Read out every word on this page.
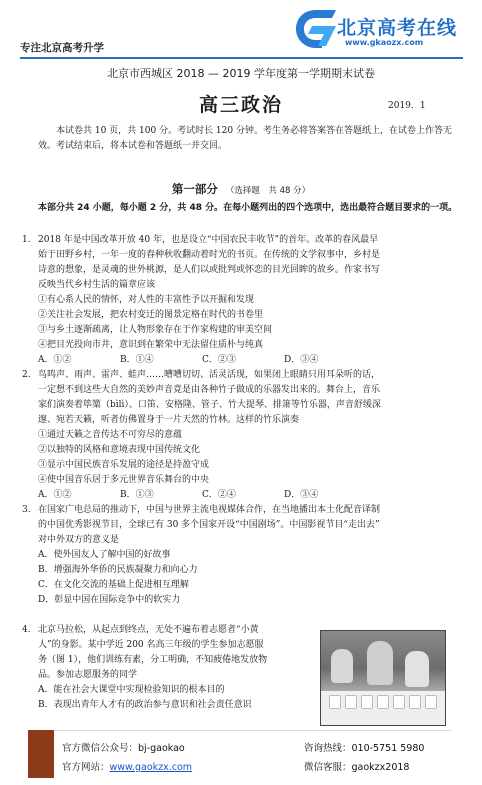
专注北京高考升学
北京高考在线
www.gkaozx.com
北京市西城区 2018 — 2019 学年度第一学期期末试卷
高三政治	2019．1
本试卷共 10 页，共 100 分。考试时长 120 分钟。考生务必将答案答在答题纸上，在试卷上作答无效。考试结束后，将本试卷和答题纸一并交回。
第一部分 （选择题　共 48 分）
本部分共 24 小题，每小题 2 分，共 48 分。在每小题列出的四个选项中，选出最符合题目要求的一项。
1. 2018 年是中国改革开放 40 年，也是设立“中国农民丰收节”的首年。改革的春风最早
始于田野乡村，一年一度的春种秋收翻动着时光的书页。在传统的文学叙事中，乡村是
诗意的想象，是灵魂的世外桃源，是人们以或批判或怀恋的目光回眸的故乡。作家书写
反映当代乡村生活的篇章应该
①有心系人民的情怀，对人性的丰富性予以开掘和发现
②关注社会发展，把农村变迁的图景定格在时代的书卷里
③与乡土逐渐疏离，让人物形象存在于作家构建的审美空间
④把目光投向市井，意识到在繁荣中无法留住质朴与纯真
A．①②	B．①④	C．②③	D．③④
2. 鸟鸣声、雨声、雷声、蛙声……嘈嘈切切、活灵活现，如果闭上眼睛只用耳朵听的话，
一定想不到这些大自然的美妙声音竟是由各种竹子做成的乐器发出来的。舞台上，音乐
家们演奏着筚篥（bìlì）、口笛、安格隆、管子、竹大提琴、排箫等竹乐器，声音舒缓深
邃、宛若天籁，听者仿佛置身于一片天然的竹林。这样的竹乐演奏
①通过天籁之音传达不可穷尽的意蕴
②以独特的风格和意境表现中国传统文化
③显示中国民族音乐发展的途径是持盈守成
④使中国音乐居于多元世界音乐舞台的中央
A．①②	B．①③	C．②④	D．③④
3. 在国家广电总局的推动下，中国与世界主流电视媒体合作，在当地播出本土化配音译制
的中国优秀影视节目，全球已有 30 多个国家开设“中国剧场”。中国影视节目“走出去”
对中外双方的意义是
A．使外国友人了解中国的好故事
B．增强海外华侨的民族凝聚力和向心力
C．在文化交流的基础上促进相互理解
D．彰显中国在国际竞争中的软实力
4. 北京马拉松，从起点到终点，无处不遍布着志愿者“小黄
人”的身影。某中学近 200 名高三年级的学生参加志愿服
务（图 1），他们训练有素，分工明确，不知疲倦地发放物
品。参加志愿服务的同学
A．能在社会大课堂中实现检验知识的根本目的
B．表现出青年人才有的政治参与意识和社会责任意识
官方微信公众号：bj-gaokao	咨询热线：010-5751 5980
官方网站：www.gaokzx.com	微信客服：gaokzx2018
